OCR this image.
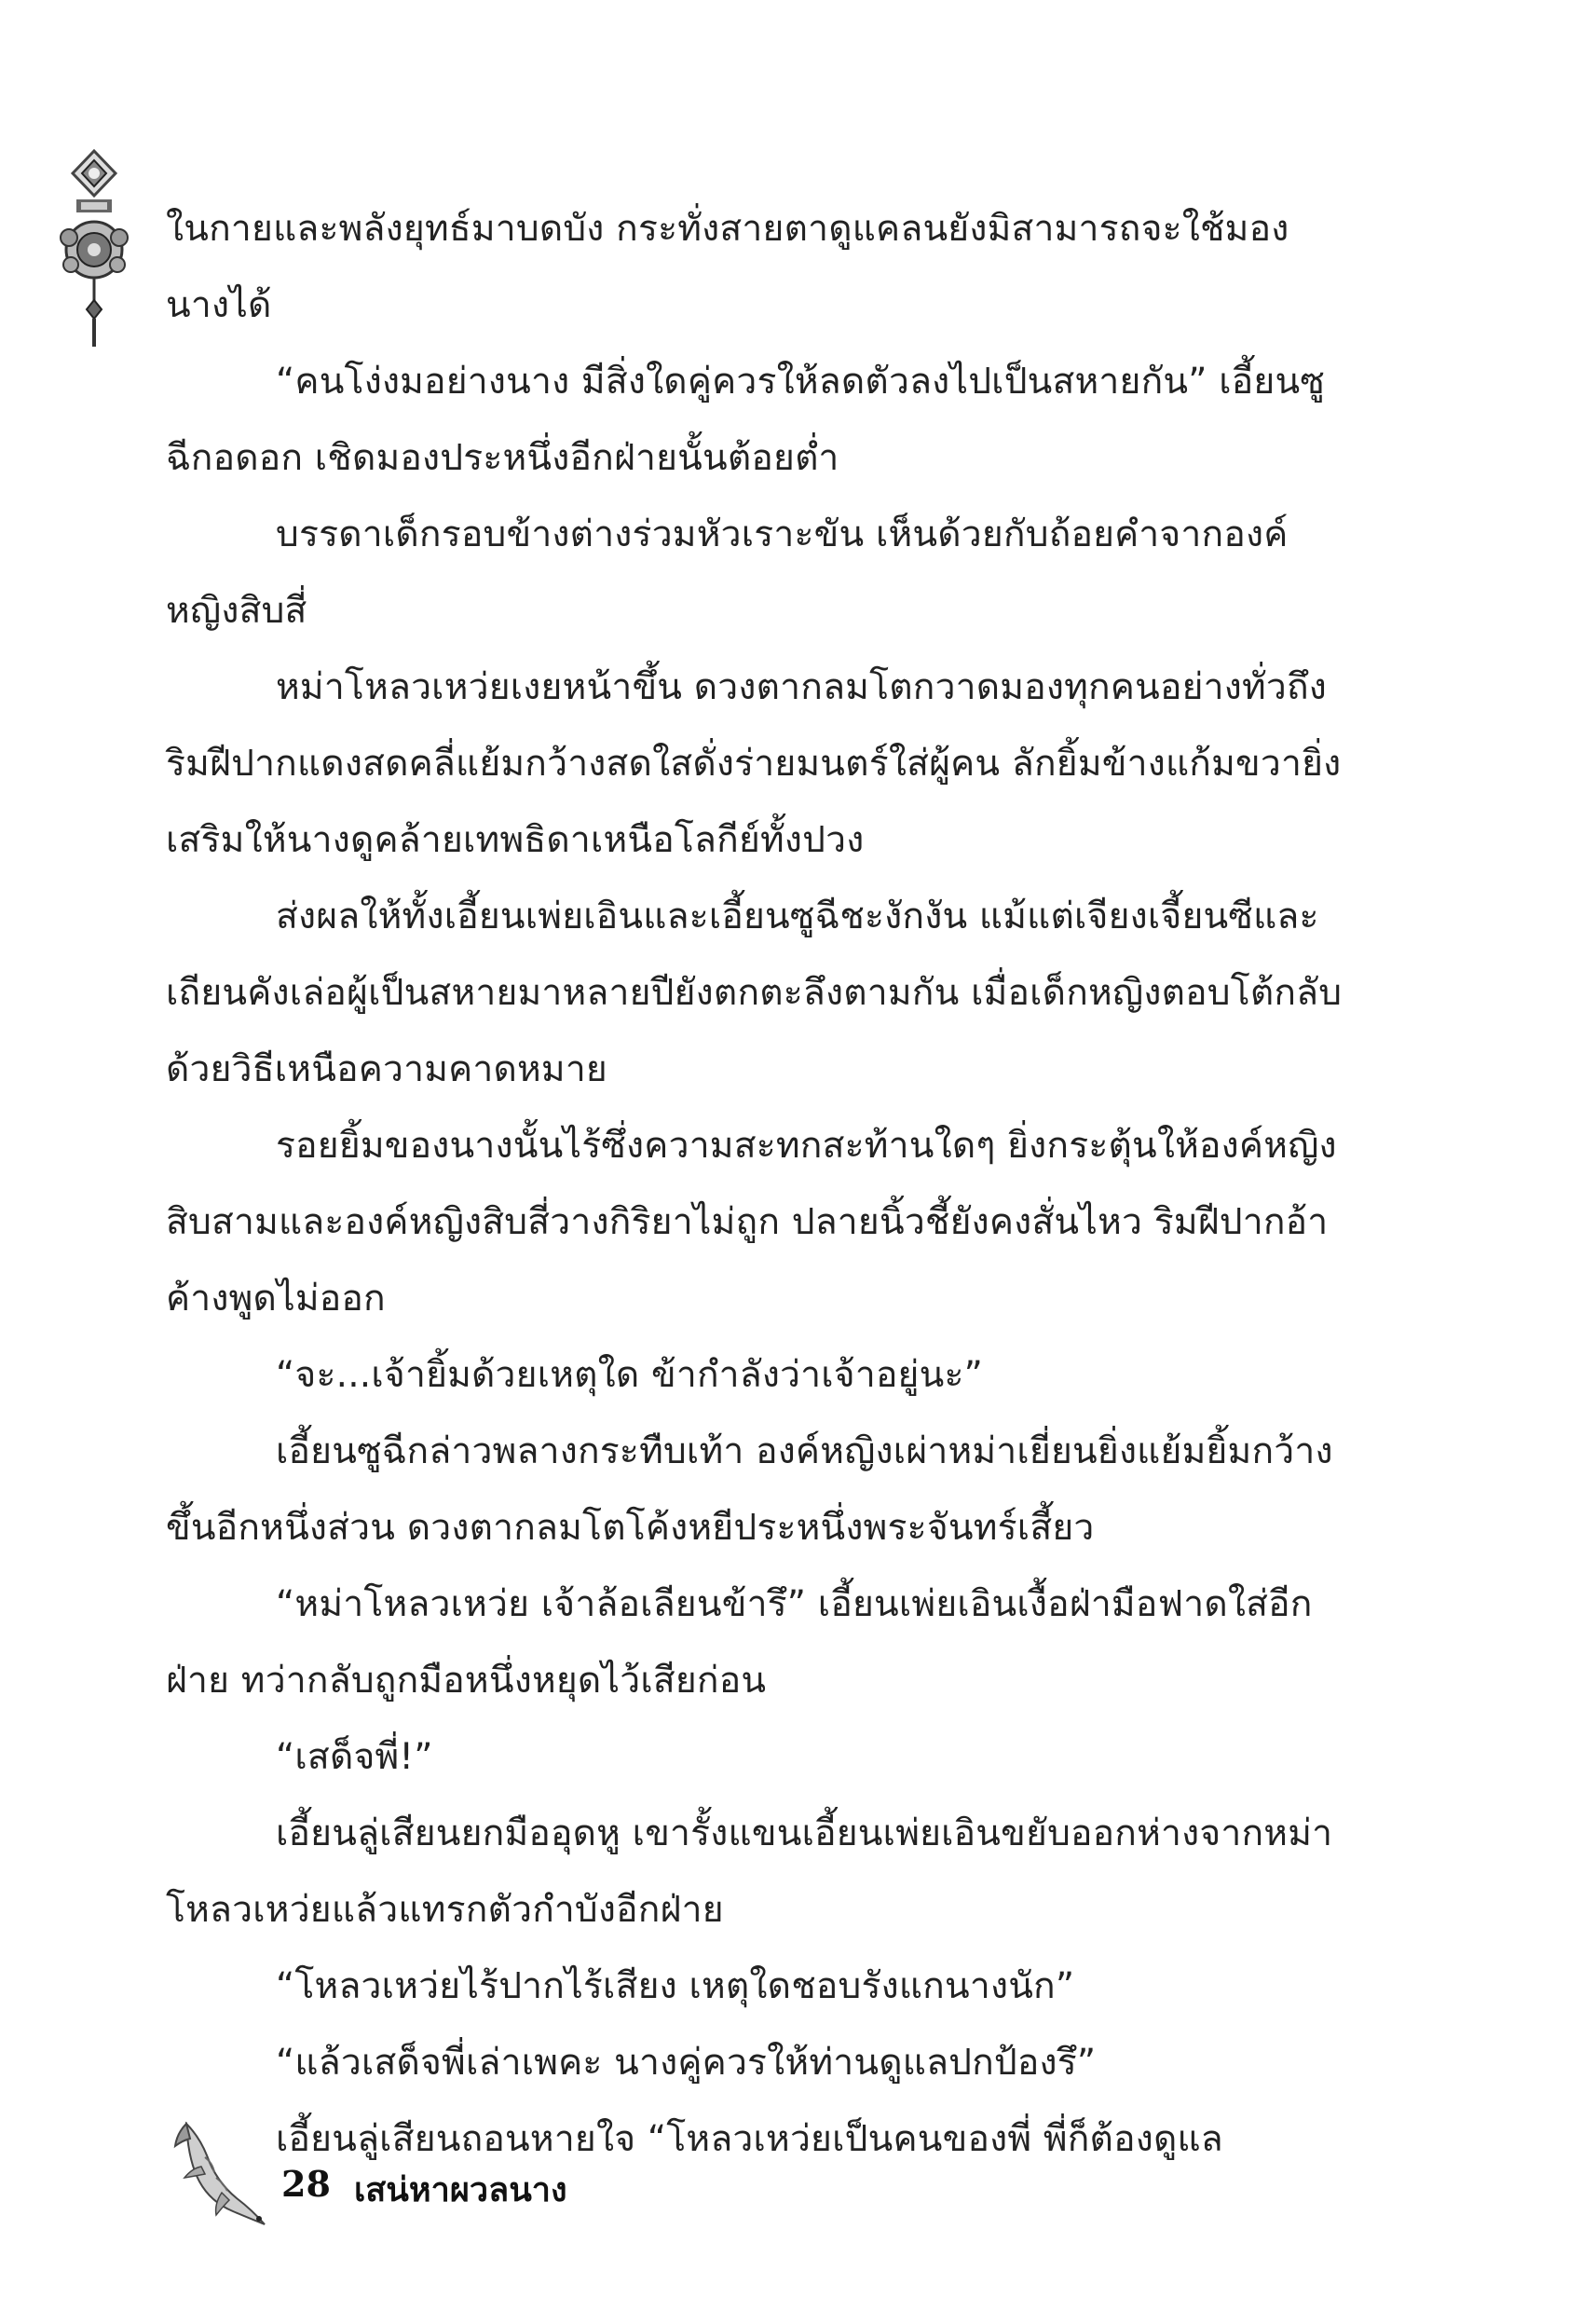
ในกายและพลังยุทธ์มาบดบัง กระทั่งสายตาดูแคลนยังมิสามารถจะใช้มองนางได้

“คนโง่งมอย่างนาง มีสิ่งใดคู่ควรให้ลดตัวลงไปเป็นสหายกัน” เอี้ยนซูฉีกอดอก เชิดมองประหนึ่งอีกฝ่ายนั้นต้อยต่ำ

บรรดาเด็กรอบข้างต่างร่วมหัวเราะขัน เห็นด้วยกับถ้อยคำจากองค์หญิงสิบสี่

หม่าโหลวเหว่ยเงยหน้าขึ้น ดวงตากลมโตกวาดมองทุกคนอย่างทั่วถึง ริมฝีปากแดงสดคลี่แย้มกว้างสดใสดั่งร่ายมนตร์ใส่ผู้คน ลักยิ้มข้างแก้มขวายิ่งเสริมให้นางดูคล้ายเทพธิดาเหนือโลกีย์ทั้งปวง

ส่งผลให้ทั้งเอี้ยนเพ่ยเอินและเอี้ยนซูฉีชะงักงัน แม้แต่เจียงเจี้ยนซีและเถียนคังเล่อผู้เป็นสหายมาหลายปียังตกตะลึงตามกัน เมื่อเด็กหญิงตอบโต้กลับด้วยวิธีเหนือความคาดหมาย

รอยยิ้มของนางนั้นไร้ซึ่งความสะทกสะท้านใดๆ ยิ่งกระตุ้นให้องค์หญิงสิบสามและองค์หญิงสิบสี่วางกิริยาไม่ถูก ปลายนิ้วชี้ยังคงสั่นไหว ริมฝีปากอ้าค้างพูดไม่ออก

“จะ...เจ้ายิ้มด้วยเหตุใด ข้ากำลังว่าเจ้าอยู่นะ”

เอี้ยนซูฉีกล่าวพลางกระทืบเท้า องค์หญิงเผ่าหม่าเยี่ยนยิ่งแย้มยิ้มกว้างขึ้นอีกหนึ่งส่วน ดวงตากลมโตโค้งหยีประหนึ่งพระจันทร์เสี้ยว

“หม่าโหลวเหว่ย เจ้าล้อเลียนข้ารึ” เอี้ยนเพ่ยเอินเงื้อฝ่ามือฟาดใส่อีกฝ่าย ทว่ากลับถูกมือหนึ่งหยุดไว้เสียก่อน

“เสด็จพี่!”

เอี้ยนลู่เสียนยกมืออุดหู เขารั้งแขนเอี้ยนเพ่ยเอินขยับออกห่างจากหม่าโหลวเหว่ยแล้วแทรกตัวกำบังอีกฝ่าย

“โหลวเหว่ยไร้ปากไร้เสียง เหตุใดชอบรังแกนางนัก”

“แล้วเสด็จพี่เล่าเพคะ นางคู่ควรให้ท่านดูแลปกป้องรึ”

เอี้ยนลู่เสียนถอนหายใจ “โหลวเหว่ยเป็นคนของพี่ พี่ก็ต้องดูแล

28 เสน่หาผวลนาง
